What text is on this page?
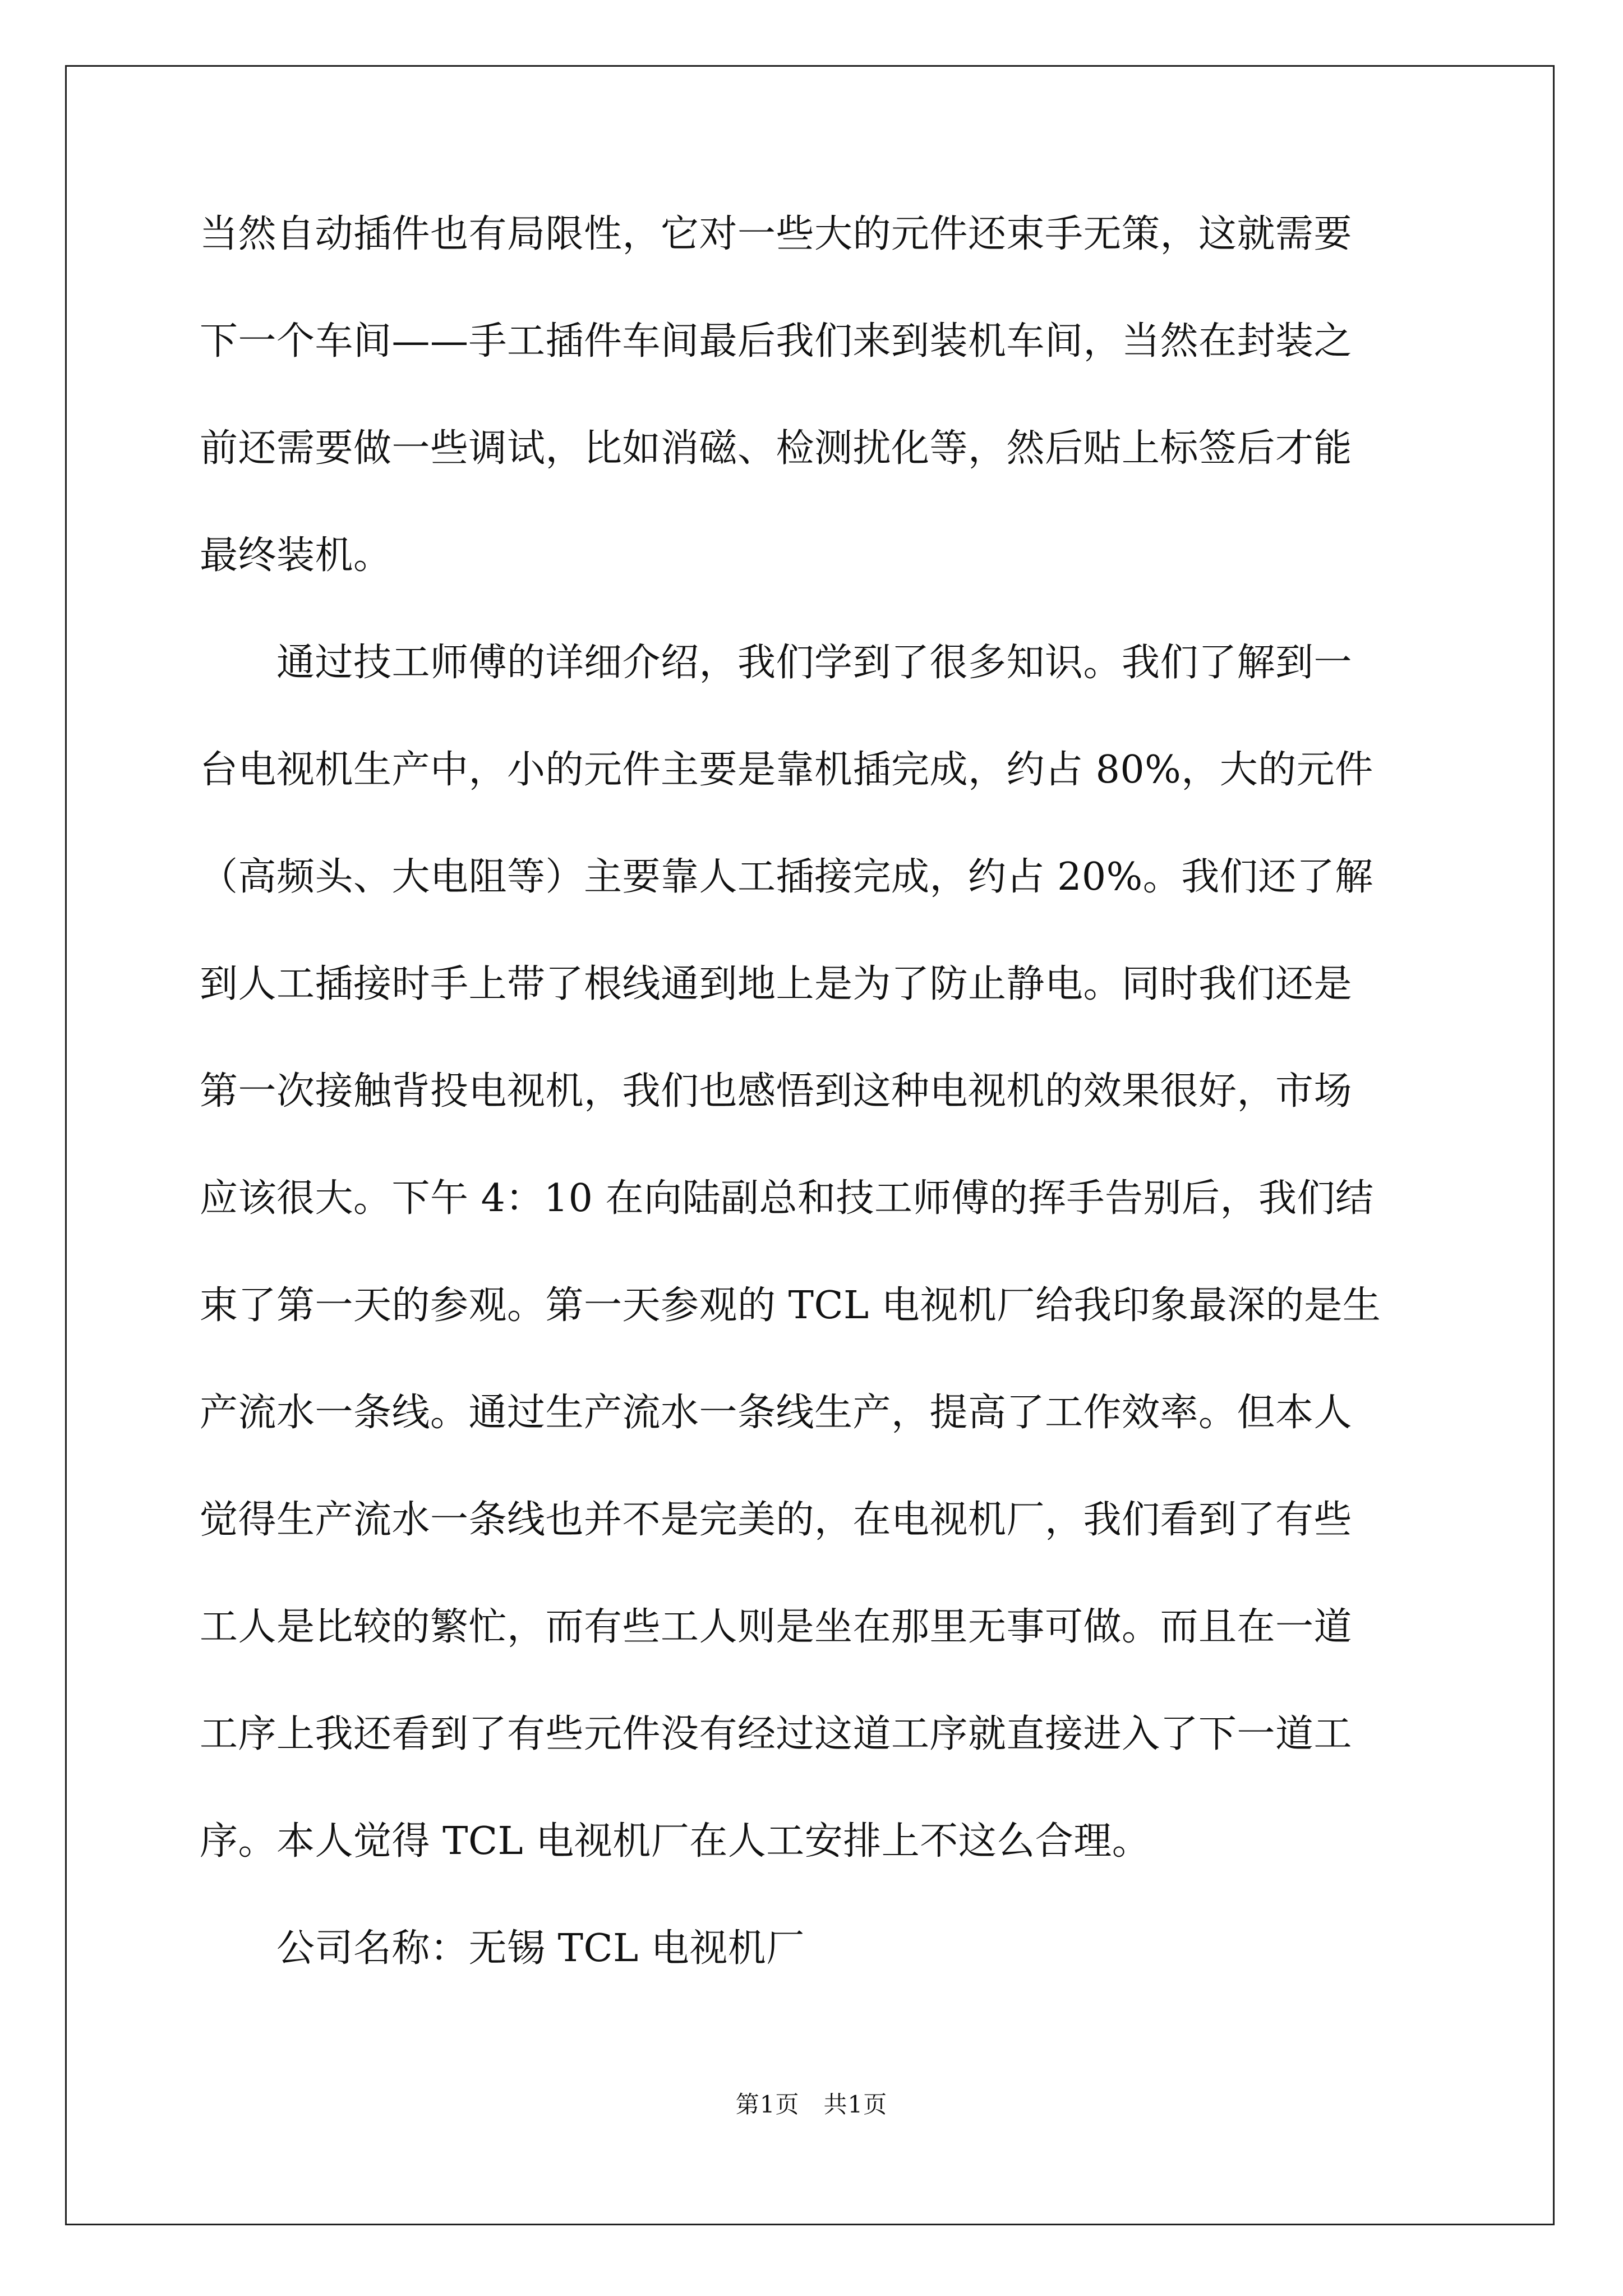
当然自动插件也有局限性，它对一些大的元件还束手无策，这就需要
下一个车间——手工插件车间最后我们来到装机车间，当然在封装之
前还需要做一些调试，比如消磁、检测扰化等，然后贴上标签后才能
最终装机。
　　通过技工师傅的详细介绍，我们学到了很多知识。我们了解到一
台电视机生产中，小的元件主要是靠机插完成，约占 80%，大的元件
（高频头、大电阻等）主要靠人工插接完成，约占 20%。我们还了解
到人工插接时手上带了根线通到地上是为了防止静电。同时我们还是
第一次接触背投电视机，我们也感悟到这种电视机的效果很好，市场
应该很大。下午 4：10 在向陆副总和技工师傅的挥手告别后，我们结
束了第一天的参观。第一天参观的 TCL 电视机厂给我印象最深的是生
产流水一条线。通过生产流水一条线生产，提高了工作效率。但本人
觉得生产流水一条线也并不是完美的，在电视机厂，我们看到了有些
工人是比较的繁忙，而有些工人则是坐在那里无事可做。而且在一道
工序上我还看到了有些元件没有经过这道工序就直接进入了下一道工
序。本人觉得 TCL 电视机厂在人工安排上不这么合理。
　　公司名称：无锡 TCL 电视机厂
第1页　共1页
